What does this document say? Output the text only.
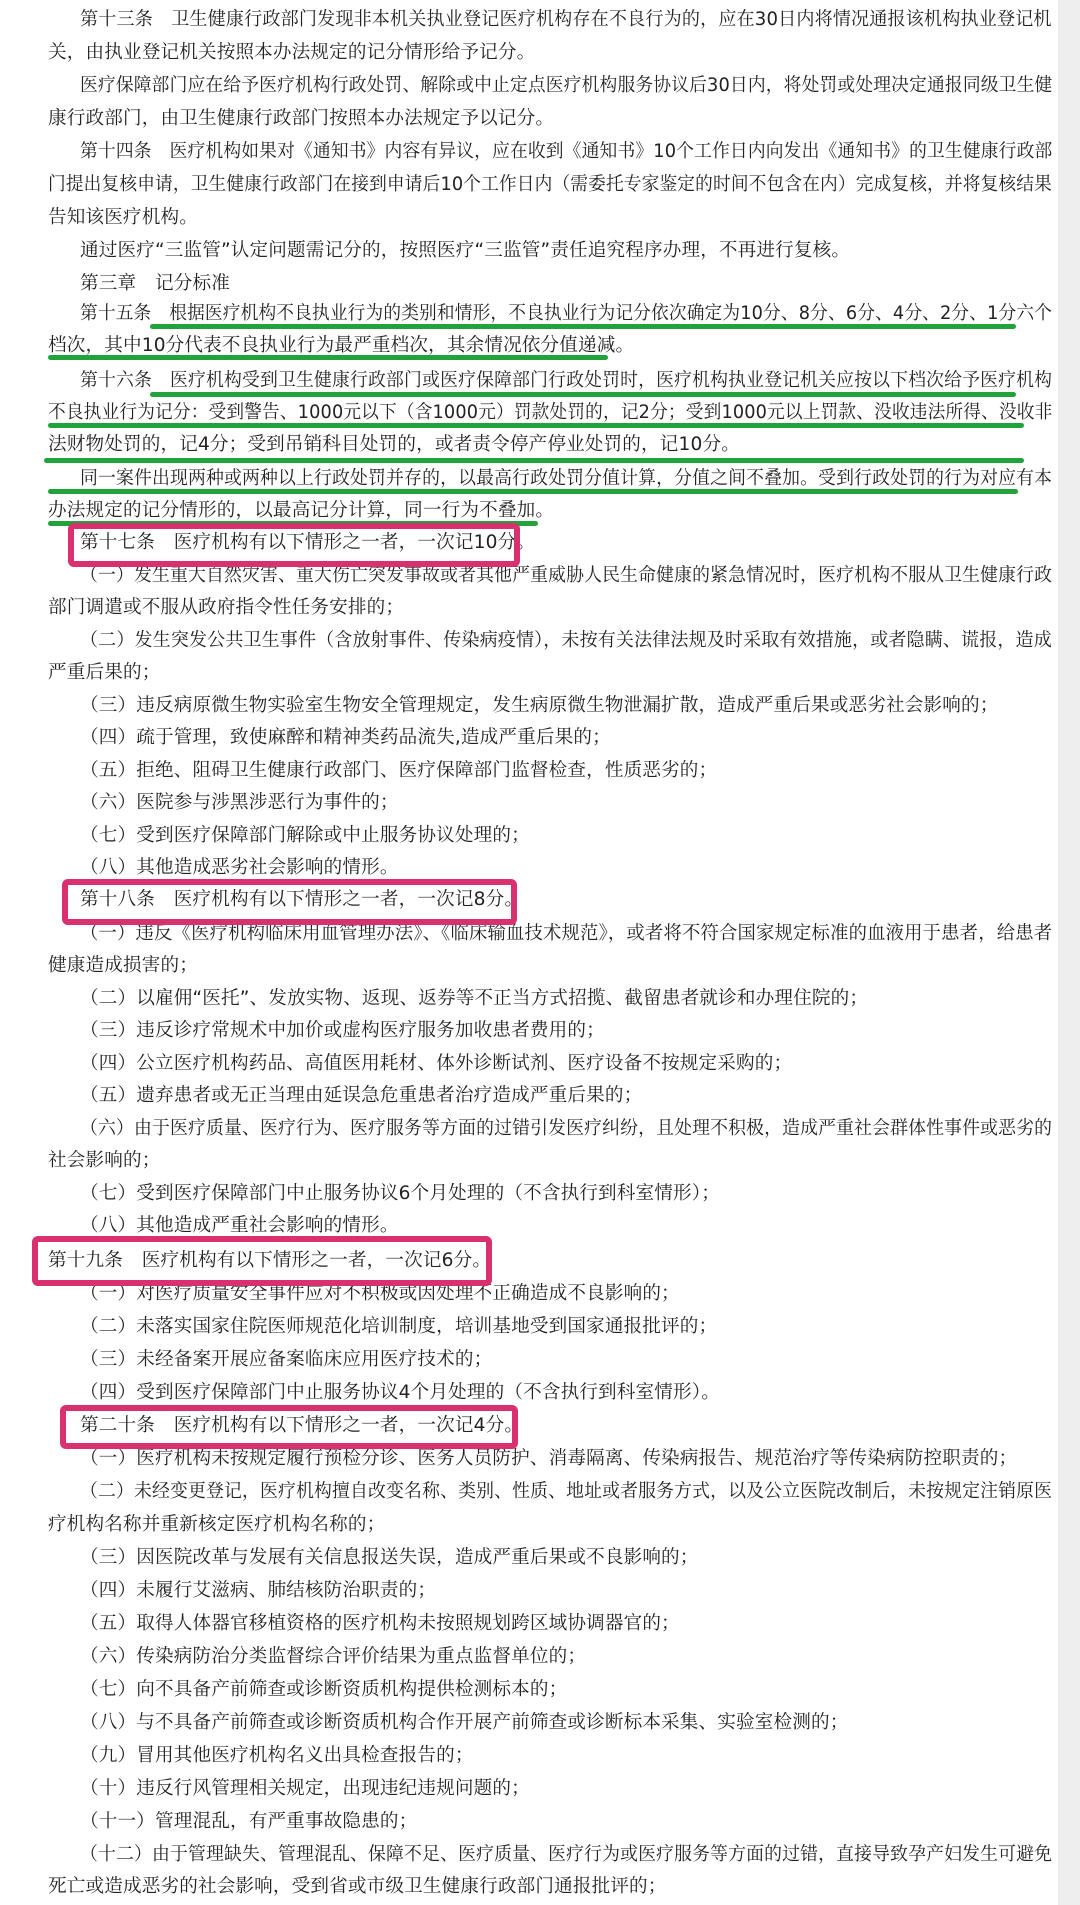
第十三条　卫生健康行政部门发现非本机关执业登记医疗机构存在不良行为的，应在30日内将情况通报该机构执业登记机
关，由执业登记机关按照本办法规定的记分情形给予记分。
医疗保障部门应在给予医疗机构行政处罚、解除或中止定点医疗机构服务协议后30日内，将处罚或处理决定通报同级卫生健
康行政部门，由卫生健康行政部门按照本办法规定予以记分。
第十四条　医疗机构如果对《通知书》内容有异议，应在收到《通知书》10个工作日内向发出《通知书》的卫生健康行政部
门提出复核申请，卫生健康行政部门在接到申请后10个工作日内（需委托专家鉴定的时间不包含在内）完成复核，并将复核结果
告知该医疗机构。
通过医疗“三监管”认定问题需记分的，按照医疗“三监管”责任追究程序办理，不再进行复核。
第三章　记分标准
第十五条　根据医疗机构不良执业行为的类别和情形，不良执业行为记分依次确定为10分、8分、6分、4分、2分、1分六个
档次，其中10分代表不良执业行为最严重档次，其余情况依分值递减。
第十六条　医疗机构受到卫生健康行政部门或医疗保障部门行政处罚时，医疗机构执业登记机关应按以下档次给予医疗机构
不良执业行为记分：受到警告、1000元以下（含1000元）罚款处罚的，记2分；受到1000元以上罚款、没收违法所得、没收非
法财物处罚的，记4分；受到吊销科目处罚的，或者责令停产停业处罚的，记10分。
同一案件出现两种或两种以上行政处罚并存的，以最高行政处罚分值计算，分值之间不叠加。受到行政处罚的行为对应有本
办法规定的记分情形的，以最高记分计算，同一行为不叠加。
第十七条　医疗机构有以下情形之一者，一次记10分。
（一）发生重大自然灾害、重大伤亡突发事故或者其他严重威胁人民生命健康的紧急情况时，医疗机构不服从卫生健康行政
部门调遣或不服从政府指令性任务安排的；
（二）发生突发公共卫生事件（含放射事件、传染病疫情），未按有关法律法规及时采取有效措施，或者隐瞒、谎报，造成
严重后果的；
（三）违反病原微生物实验室生物安全管理规定，发生病原微生物泄漏扩散，造成严重后果或恶劣社会影响的；
（四）疏于管理，致使麻醉和精神类药品流失,造成严重后果的；
（五）拒绝、阻碍卫生健康行政部门、医疗保障部门监督检查，性质恶劣的；
（六）医院参与涉黑涉恶行为事件的；
（七）受到医疗保障部门解除或中止服务协议处理的；
（八）其他造成恶劣社会影响的情形。
第十八条　医疗机构有以下情形之一者，一次记8分。
（一）违反《医疗机构临床用血管理办法》、《临床输血技术规范》，或者将不符合国家规定标准的血液用于患者，给患者
健康造成损害的；
（二）以雇佣“医托”、发放实物、返现、返券等不正当方式招揽、截留患者就诊和办理住院的；
（三）违反诊疗常规术中加价或虚构医疗服务加收患者费用的；
（四）公立医疗机构药品、高值医用耗材、体外诊断试剂、医疗设备不按规定采购的；
（五）遗弃患者或无正当理由延误急危重患者治疗造成严重后果的；
（六）由于医疗质量、医疗行为、医疗服务等方面的过错引发医疗纠纷，且处理不积极，造成严重社会群体性事件或恶劣的
社会影响的；
（七）受到医疗保障部门中止服务协议6个月处理的（不含执行到科室情形）；
（八）其他造成严重社会影响的情形。
第十九条　医疗机构有以下情形之一者，一次记6分。
（一）对医疗质量安全事件应对不积极或因处理不正确造成不良影响的；
（二）未落实国家住院医师规范化培训制度，培训基地受到国家通报批评的；
（三）未经备案开展应备案临床应用医疗技术的；
（四）受到医疗保障部门中止服务协议4个月处理的（不含执行到科室情形）。
第二十条　医疗机构有以下情形之一者，一次记4分。
（一）医疗机构未按规定履行预检分诊、医务人员防护、消毒隔离、传染病报告、规范治疗等传染病防控职责的；
（二）未经变更登记，医疗机构擅自改变名称、类别、性质、地址或者服务方式，以及公立医院改制后，未按规定注销原医
疗机构名称并重新核定医疗机构名称的；
（三）因医院改革与发展有关信息报送失误，造成严重后果或不良影响的；
（四）未履行艾滋病、肺结核防治职责的；
（五）取得人体器官移植资格的医疗机构未按照规划跨区域协调器官的；
（六）传染病防治分类监督综合评价结果为重点监督单位的；
（七）向不具备产前筛查或诊断资质机构提供检测标本的；
（八）与不具备产前筛查或诊断资质机构合作开展产前筛查或诊断标本采集、实验室检测的；
（九）冒用其他医疗机构名义出具检查报告的；
（十）违反行风管理相关规定，出现违纪违规问题的；
（十一）管理混乱，有严重事故隐患的；
（十二）由于管理缺失、管理混乱、保障不足、医疗质量、医疗行为或医疗服务等方面的过错，直接导致孕产妇发生可避免
死亡或造成恶劣的社会影响，受到省或市级卫生健康行政部门通报批评的；
